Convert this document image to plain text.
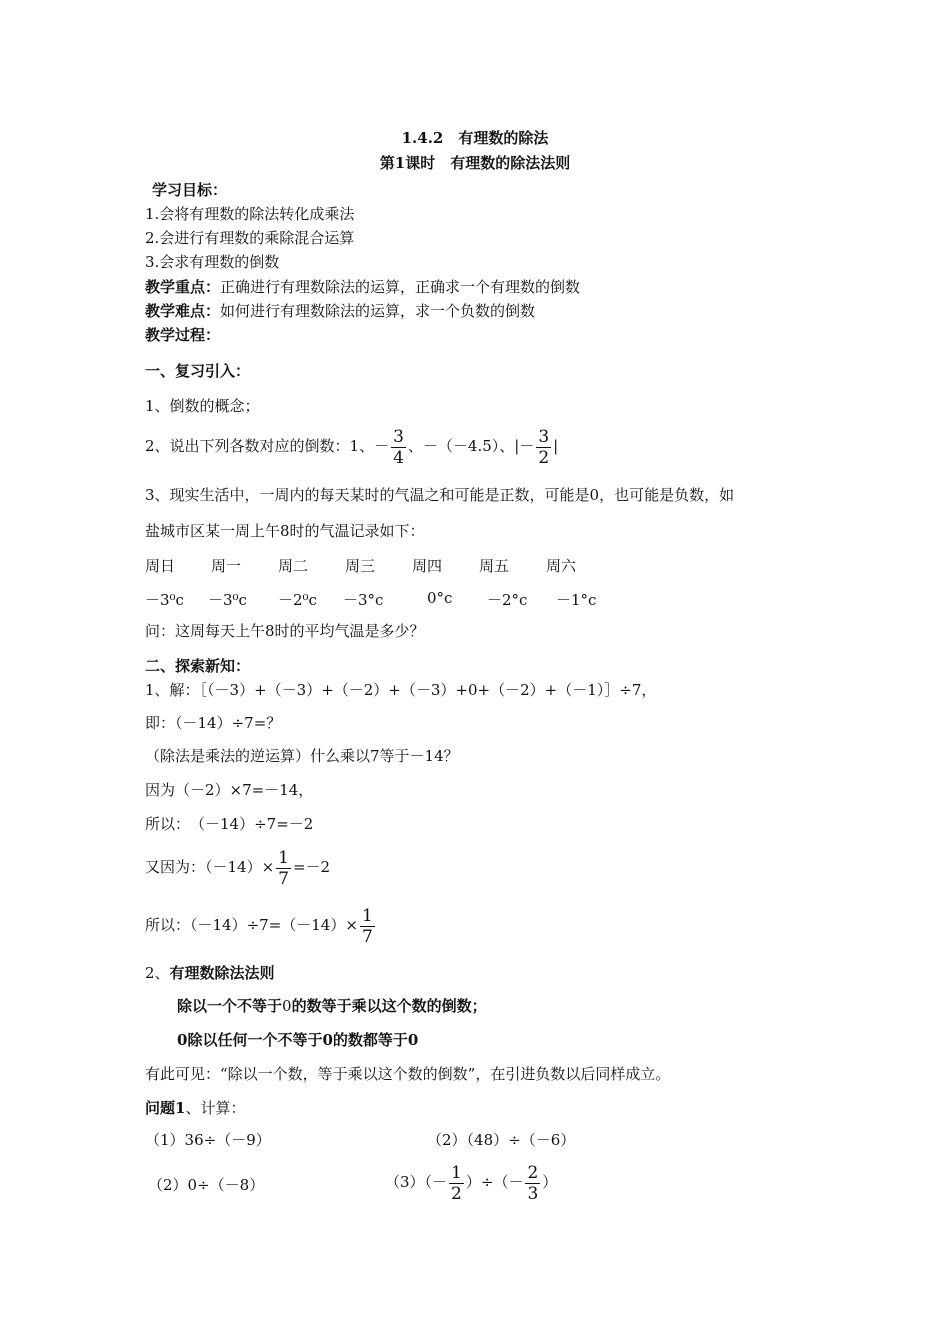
1.4.2　有理数的除法
第1课时　有理数的除法法则
学习目标：
1.会将有理数的除法转化成乘法
2.会进行有理数的乘除混合运算
3.会求有理数的倒数
教学重点：正确进行有理数除法的运算，正确求一个有理数的倒数
教学难点：如何进行有理数除法的运算，求一个负数的倒数
教学过程：
一、复习引入：
1、倒数的概念；
2、说出下列各数对应的倒数：1、－ $\frac{3}{4}$ 、－（－4.5）、|－ $\frac{3}{2}$ |
3、现实生活中，一周内的每天某时的气温之和可能是正数，可能是0，也可能是负数，如
盐城市区某一周上午8时的气温记录如下：
周日 周一 周二 周三 周四 周五 周六
－3⁰c －3⁰c －2⁰c －3°c	0°c －2°c －1°c
问：这周每天上午8时的平均气温是多少？
二、探索新知：
1、解：［（－3）+（－3）+（－2）+（－3）+0+（－2）+（－1）］÷7，
即：（－14）÷7=？
（除法是乘法的逆运算）什么乘以7等于－14？
因为（－2）×7=－14，
所以：　（－14）÷7=－2
又因为：$(-14)\times \frac{1}{7} =-2$
所以：$(-14)\div 7=(-14)\times \frac{1}{7}$
2、有理数除法法则
除以一个不等于0的数等于乘以这个数的倒数；
0除以任何一个不等于0的数都等于0
有此可见：“除以一个数，等于乘以这个数的倒数”，在引进负数以后同样成立。
问题1、计算：
（1）36÷（－9）	（2）（48）÷（－6）
（2）0÷（－8）	$(3)(- \frac{1}{2}$ ）÷（－ $\frac{2}{3}$ ）
